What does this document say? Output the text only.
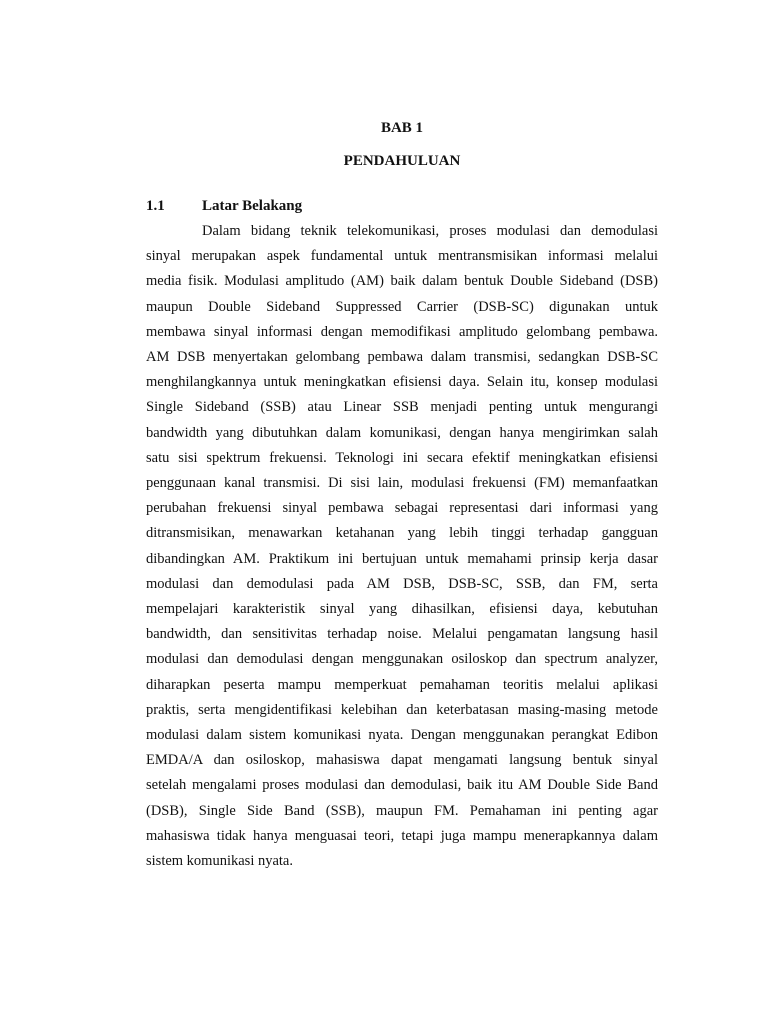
BAB 1
PENDAHULUAN
1.1 Latar Belakang
Dalam bidang teknik telekomunikasi, proses modulasi dan demodulasi
sinyal merupakan aspek fundamental untuk mentransmisikan informasi melalui
media fisik. Modulasi amplitudo (AM) baik dalam bentuk Double Sideband (DSB)
maupun Double Sideband Suppressed Carrier (DSB-SC) digunakan untuk
membawa sinyal informasi dengan memodifikasi amplitudo gelombang pembawa.
AM DSB menyertakan gelombang pembawa dalam transmisi, sedangkan DSB-SC
menghilangkannya untuk meningkatkan efisiensi daya. Selain itu, konsep modulasi
Single Sideband (SSB) atau Linear SSB menjadi penting untuk mengurangi
bandwidth yang dibutuhkan dalam komunikasi, dengan hanya mengirimkan salah
satu sisi spektrum frekuensi. Teknologi ini secara efektif meningkatkan efisiensi
penggunaan kanal transmisi. Di sisi lain, modulasi frekuensi (FM) memanfaatkan
perubahan frekuensi sinyal pembawa sebagai representasi dari informasi yang
ditransmisikan, menawarkan ketahanan yang lebih tinggi terhadap gangguan
dibandingkan AM. Praktikum ini bertujuan untuk memahami prinsip kerja dasar
modulasi dan demodulasi pada AM DSB, DSB-SC, SSB, dan FM, serta
mempelajari karakteristik sinyal yang dihasilkan, efisiensi daya, kebutuhan
bandwidth, dan sensitivitas terhadap noise. Melalui pengamatan langsung hasil
modulasi dan demodulasi dengan menggunakan osiloskop dan spectrum analyzer,
diharapkan peserta mampu memperkuat pemahaman teoritis melalui aplikasi
praktis, serta mengidentifikasi kelebihan dan keterbatasan masing-masing metode
modulasi dalam sistem komunikasi nyata. Dengan menggunakan perangkat Edibon
EMDA/A dan osiloskop, mahasiswa dapat mengamati langsung bentuk sinyal
setelah mengalami proses modulasi dan demodulasi, baik itu AM Double Side Band
(DSB), Single Side Band (SSB), maupun FM. Pemahaman ini penting agar
mahasiswa tidak hanya menguasai teori, tetapi juga mampu menerapkannya dalam
sistem komunikasi nyata.
